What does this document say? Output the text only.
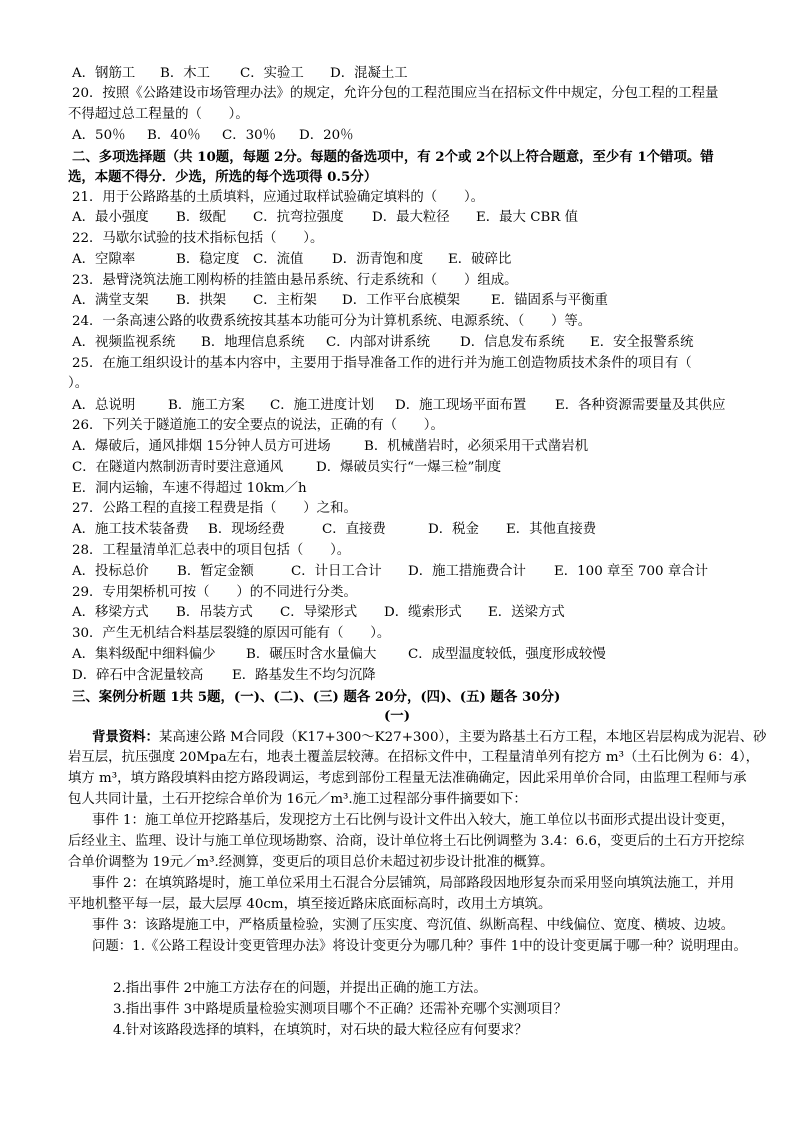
A．钢筋工 B．木工 C．实验工 D．混凝土工
20．按照《公路建设市场管理办法》的规定，允许分包的工程范围应当在招标文件中规定，分包工程的工程量
不得超过总工程量的（　　）。
A．50％ B．40％ C．30％ D．20％
二、多项选择题（共 10题，每题 2分。每题的备选项中，有 2个或 2个以上符合题意，至少有 1个错项。错
选，本题不得分．少选，所选的每个选项得 0.5分）
21．用于公路路基的土质填料，应通过取样试验确定填料的（　　）。
A．最小强度 B．级配 C．抗弯拉强度 D．最大粒径 E．最大 CBR 值
22．马歇尔试验的技术指标包括（　　）。
A．空隙率	B．稳定度 C．流值 D．沥青饱和度 E．破碎比
23．悬臂浇筑法施工刚构桥的挂篮由悬吊系统、行走系统和（　　）组成。
A．满堂支架 B．拱架 C．主桁架 D．工作平台底模架 E．锚固系与平衡重
24．一条高速公路的收费系统按其基本功能可分为计算机系统、电源系统、（　　）等。
A．视频监视系统 B．地理信息系统 C．内部对讲系统 D．信息发布系统 E．安全报警系统
25．在施工组织设计的基本内容中，主要用于指导准备工作的进行并为施工创造物质技术条件的项目有（
）。
A．总说明 B．施工方案 C．施工进度计划 D．施工现场平面布置 E．各种资源需要量及其供应
26．下列关于隧道施工的安全要点的说法，正确的有（　　）。
A．爆破后，通风排烟 15分钟人员方可进场 B．机械凿岩时，必须采用干式凿岩机
C．在隧道内熬制沥青时要注意通风 D．爆破员实行“一爆三检”制度
E．洞内运输，车速不得超过 10km／h
27．公路工程的直接工程费是指（　　）之和。
A．施工技术装备费 B．现场经费	C．直接费	D．税金 E．其他直接费
28．工程量清单汇总表中的项目包括（　　）。
A．投标总价 B．暂定金额	C．计日工合计 D．施工措施费合计 E．100 章至 700 章合计
29．专用架桥机可按（　　）的不同进行分类。
A．移梁方式 B．吊装方式 C．导梁形式 D．缆索形式 E．送梁方式
30．产生无机结合料基层裂缝的原因可能有（　　）。
A．集料级配中细料偏少 B．碾压时含水量偏大 C．成型温度较低，强度形成较慢
D．碎石中含泥量较高 E．路基发生不均匀沉降
三、案例分析题 1共 5题，(一)、(二)、(三) 题各 20分，(四)、(五) 题各 30分)
(一)
背景资料：某高速公路 M合同段（K17+300～K27+300），主要为路基土石方工程，本地区岩层构成为泥岩、砂
岩互层，抗压强度 20Mpa左右，地表土覆盖层较薄。在招标文件中，工程量清单列有挖方 m³（土石比例为 6：4），
填方 m³，填方路段填料由挖方路段调运，考虑到部份工程量无法准确确定，因此采用单价合同，由监理工程师与承
包人共同计量，土石开挖综合单价为 16元／m³.施工过程部分事件摘要如下：
事件 1：施工单位开挖路基后，发现挖方土石比例与设计文件出入较大，施工单位以书面形式提出设计变更，
后经业主、监理、设计与施工单位现场勘察、洽商，设计单位将土石比例调整为 3.4：6.6，变更后的土石方开挖综
合单价调整为 19元／m³.经测算，变更后的项目总价未超过初步设计批准的概算。
事件 2：在填筑路堤时，施工单位采用土石混合分层铺筑，局部路段因地形复杂而采用竖向填筑法施工，并用
平地机整平每一层，最大层厚 40cm，填至接近路床底面标高时，改用土方填筑。
事件 3：该路堤施工中，严格质量检验，实测了压实度、弯沉值、纵断高程、中线偏位、宽度、横坡、边坡。
问题：1.《公路工程设计变更管理办法》将设计变更分为哪几种？事件 1中的设计变更属于哪一种？说明理由。
2.指出事件 2中施工方法存在的问题，并提出正确的施工方法。
3.指出事件 3中路堤质量检验实测项目哪个不正确？还需补充哪个实测项目？
4.针对该路段选择的填料，在填筑时，对石块的最大粒径应有何要求？
